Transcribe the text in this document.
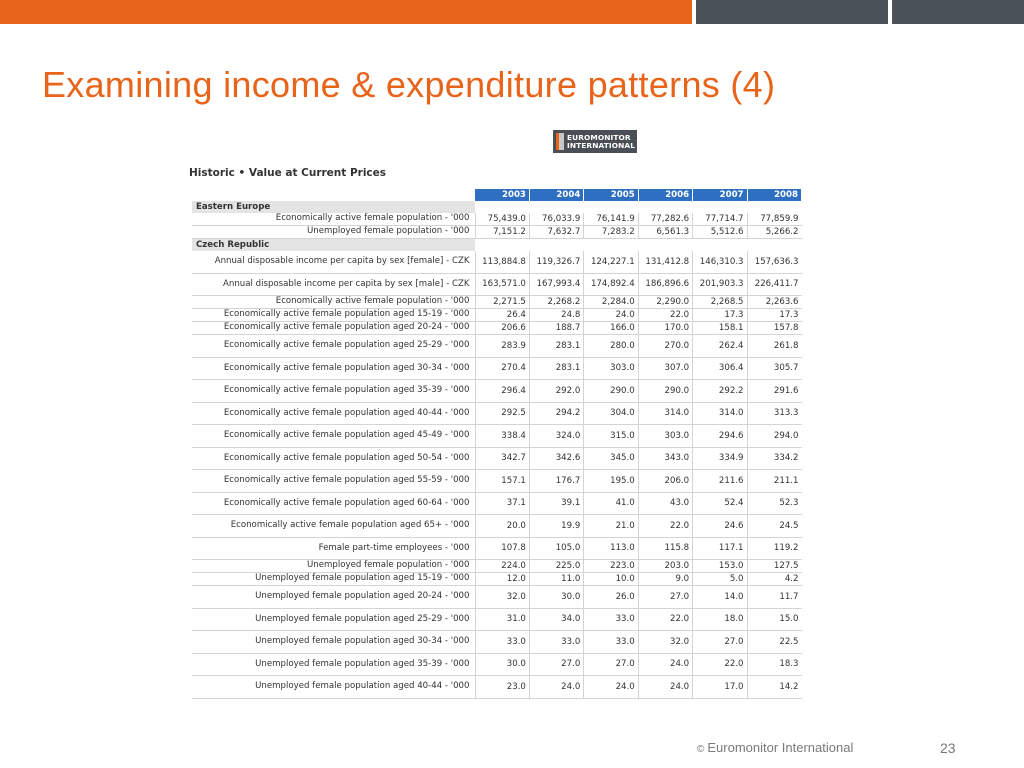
Examining income & expenditure patterns (4)
EUROMONITOR
INTERNATIONAL
Historic • Value at Current Prices
	2003	2004	2005	2006	2007	2008
Eastern Europe						
Economically active female population - '000	75,439.0	76,033.9	76,141.9	77,282.6	77,714.7	77,859.9
Unemployed female population - '000	7,151.2	7,632.7	7,283.2	6,561.3	5,512.6	5,266.2
Czech Republic						
Annual disposable income per capita by sex [female] - CZK	113,884.8	119,326.7	124,227.1	131,412.8	146,310.3	157,636.3
Annual disposable income per capita by sex [male] - CZK	163,571.0	167,993.4	174,892.4	186,896.6	201,903.3	226,411.7
Economically active female population - '000	2,271.5	2,268.2	2,284.0	2,290.0	2,268.5	2,263.6
Economically active female population aged 15-19 - '000	26.4	24.8	24.0	22.0	17.3	17.3
Economically active female population aged 20-24 - '000	206.6	188.7	166.0	170.0	158.1	157.8
Economically active female population aged 25-29 - '000	283.9	283.1	280.0	270.0	262.4	261.8
Economically active female population aged 30-34 - '000	270.4	283.1	303.0	307.0	306.4	305.7
Economically active female population aged 35-39 - '000	296.4	292.0	290.0	290.0	292.2	291.6
Economically active female population aged 40-44 - '000	292.5	294.2	304.0	314.0	314.0	313.3
Economically active female population aged 45-49 - '000	338.4	324.0	315.0	303.0	294.6	294.0
Economically active female population aged 50-54 - '000	342.7	342.6	345.0	343.0	334.9	334.2
Economically active female population aged 55-59 - '000	157.1	176.7	195.0	206.0	211.6	211.1
Economically active female population aged 60-64 - '000	37.1	39.1	41.0	43.0	52.4	52.3
Economically active female population aged 65+ - '000	20.0	19.9	21.0	22.0	24.6	24.5
Female part-time employees - '000	107.8	105.0	113.0	115.8	117.1	119.2
Unemployed female population - '000	224.0	225.0	223.0	203.0	153.0	127.5
Unemployed female population aged 15-19 - '000	12.0	11.0	10.0	9.0	5.0	4.2
Unemployed female population aged 20-24 - '000	32.0	30.0	26.0	27.0	14.0	11.7
Unemployed female population aged 25-29 - '000	31.0	34.0	33.0	22.0	18.0	15.0
Unemployed female population aged 30-34 - '000	33.0	33.0	33.0	32.0	27.0	22.5
Unemployed female population aged 35-39 - '000	30.0	27.0	27.0	24.0	22.0	18.3
Unemployed female population aged 40-44 - '000	23.0	24.0	24.0	24.0	17.0	14.2
© Euromonitor International	23
